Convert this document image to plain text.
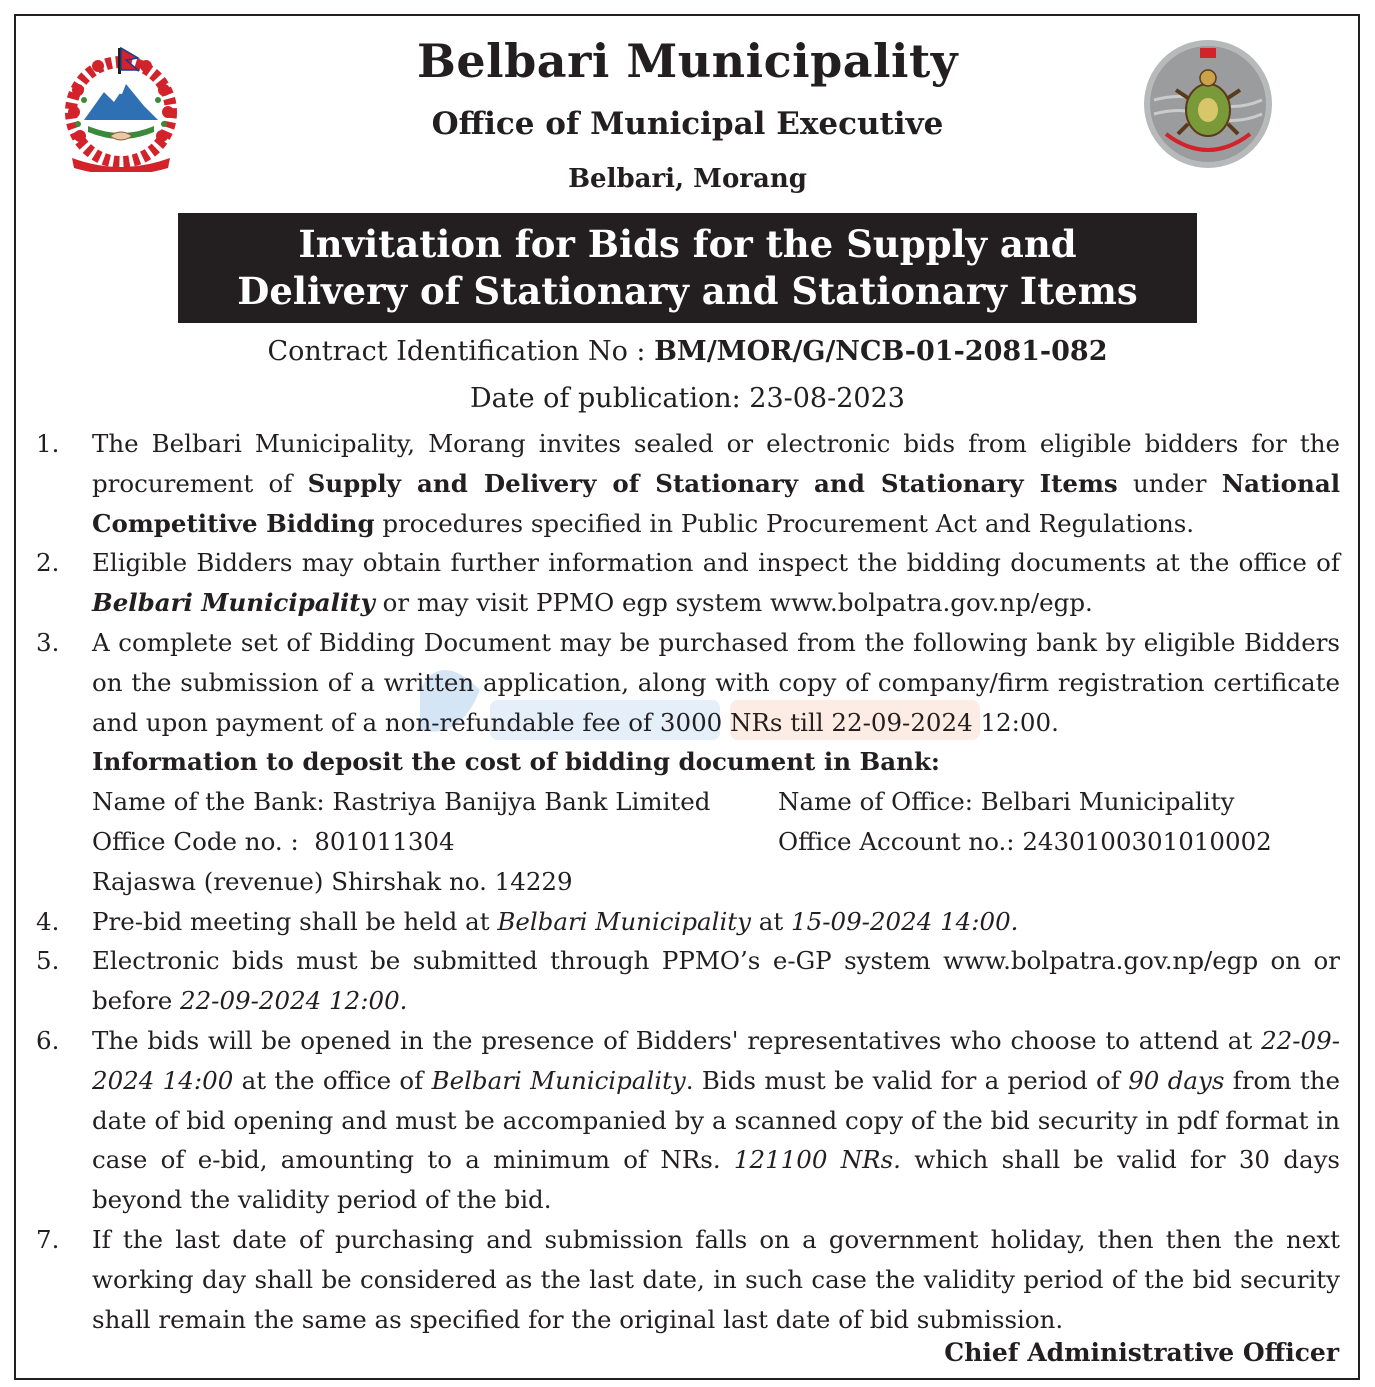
Belbari Municipality
Office of Municipal Executive
Belbari, Morang
Invitation for Bids for the Supply and
Delivery of Stationary and Stationary Items
Contract Identification No : BM/MOR/G/NCB-01-2081-082
Date of publication: 23-08-2023
1. The Belbari Municipality, Morang invites sealed or electronic bids from eligible bidders for the procurement of Supply and Delivery of Stationary and Stationary Items under National Competitive Bidding procedures specified in Public Procurement Act and Regulations.
2. Eligible Bidders may obtain further information and inspect the bidding documents at the office of Belbari Municipality or may visit PPMO egp system www.bolpatra.gov.np/egp.
3. A complete set of Bidding Document may be purchased from the following bank by eligible Bidders on the submission of a written application, along with copy of company/firm registration certificate and upon payment of a non-refundable fee of 3000 NRs till 22-09-2024 12:00.
Information to deposit the cost of bidding document in Bank:
Name of the Bank: Rastriya Banijya Bank Limited	Name of Office: Belbari Municipality
Office Code no. :  801011304	Office Account no.: 2430100301010002
Rajaswa (revenue) Shirshak no. 14229
4. Pre-bid meeting shall be held at Belbari Municipality at 15-09-2024 14:00.
5. Electronic bids must be submitted through PPMO’s e-GP system www.bolpatra.gov.np/egp on or before 22-09-2024 12:00.
6. The bids will be opened in the presence of Bidders' representatives who choose to attend at 22-09-2024 14:00 at the office of Belbari Municipality. Bids must be valid for a period of 90 days from the date of bid opening and must be accompanied by a scanned copy of the bid security in pdf format in case of e-bid, amounting to a minimum of NRs. 121100 NRs. which shall be valid for 30 days beyond the validity period of the bid.
7. If the last date of purchasing and submission falls on a government holiday, then then the next working day shall be considered as the last date, in such case the validity period of the bid security shall remain the same as specified for the original last date of bid submission.
Chief Administrative Officer
